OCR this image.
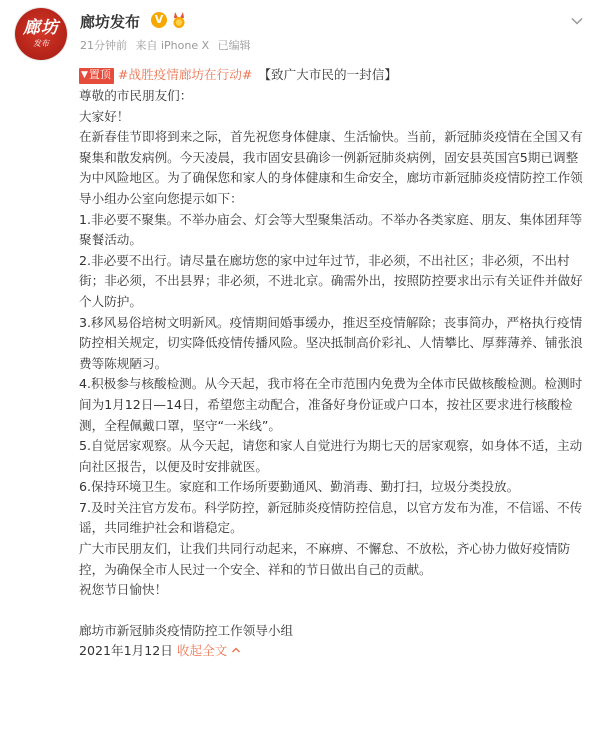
廊坊
发布
廊坊发布	V
21分钟前 来自 iPhone X 已编辑
▼ 置顶 #战胜疫情廊坊在行动# 【致广大市民的一封信】

尊敬的市民朋友们：

大家好！

在新春佳节即将到来之际，首先祝您身体健康、生活愉快。当前，新冠肺炎疫情在全国又有聚集和散发病例。今天凌晨，我市固安县确诊一例新冠肺炎病例，固安县英国宫5期已调整为中风险地区。为了确保您和家人的身体健康和生命安全，廊坊市新冠肺炎疫情防控工作领导小组办公室向您提示如下：

1.非必要不聚集。不举办庙会、灯会等大型聚集活动。不举办各类家庭、朋友、集体团拜等聚餐活动。

2.非必要不出行。请尽量在廊坊您的家中过年过节，非必须，不出社区；非必须，不出村街；非必须，不出县界；非必须，不进北京。确需外出，按照防控要求出示有关证件并做好个人防护。

3.移风易俗培树文明新风。疫情期间婚事缓办，推迟至疫情解除；丧事简办，严格执行疫情防控相关规定，切实降低疫情传播风险。坚决抵制高价彩礼、人情攀比、厚葬薄养、铺张浪费等陈规陋习。

4.积极参与核酸检测。从今天起，我市将在全市范围内免费为全体市民做核酸检测。检测时间为1月12日—14日，希望您主动配合，准备好身份证或户口本，按社区要求进行核酸检测，全程佩戴口罩，坚守“一米线”。

5.自觉居家观察。从今天起，请您和家人自觉进行为期七天的居家观察，如身体不适，主动向社区报告，以便及时安排就医。

6.保持环境卫生。家庭和工作场所要勤通风、勤消毒、勤打扫，垃圾分类投放。

7.及时关注官方发布。科学防控，新冠肺炎疫情防控信息，以官方发布为准，不信谣、不传谣，共同维护社会和谐稳定。

广大市民朋友们，让我们共同行动起来，不麻痹、不懈怠、不放松，齐心协力做好疫情防控，为确保全市人民过一个安全、祥和的节日做出自己的贡献。

祝您节日愉快！

廊坊市新冠肺炎疫情防控工作领导小组

2021年1月12日 收起全文
